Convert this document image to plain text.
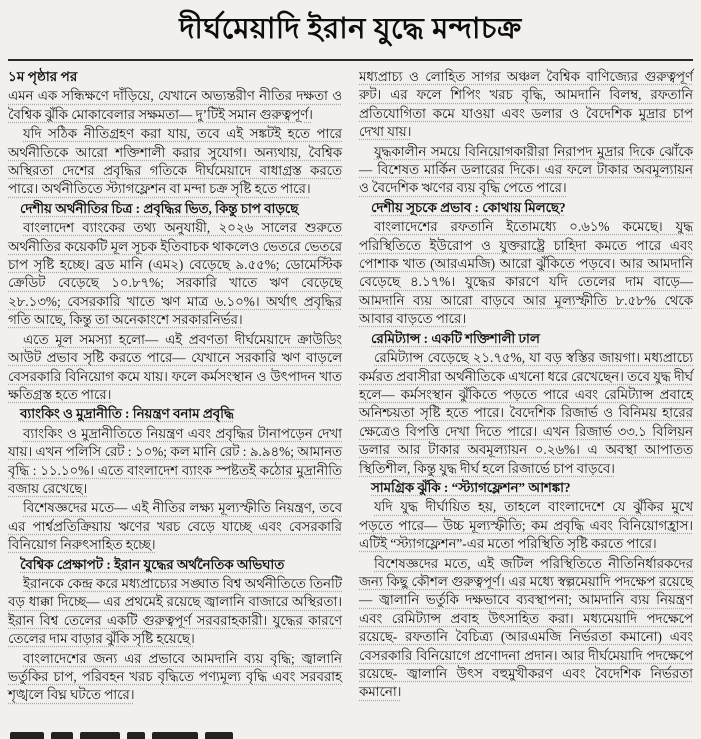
দীর্ঘমেয়াদি ইরান যুদ্ধে মন্দাচক্র
১ম পৃষ্ঠার পর
এমন এক সন্ধিক্ষণে দাঁড়িয়ে, যেখানে অভ্যন্তরীণ নীতির দক্ষতা ও বৈশ্বিক ঝুঁকি মোকাবেলার সক্ষমতা— দু’টিই সমান গুরুত্বপূর্ণ।
যদি সঠিক নীতিগ্রহণ করা যায়, তবে এই সঙ্কটই হতে পারে অর্থনীতিকে আরো শক্তিশালী করার সুযোগ। অন্যথায়, বৈশ্বিক অস্থিরতা দেশের প্রবৃদ্ধির গতিকে দীর্ঘমেয়াদে বাধাগ্রস্ত করতে পারে। অর্থনীতিতে স্ট্যাগফ্লেশন বা মন্দা চক্র সৃষ্টি হতে পারে।
দেশীয় অর্থনীতির চিত্র : প্রবৃদ্ধির ভিত, কিন্তু চাপ বাড়ছে
বাংলাদেশ ব্যাংকের তথ্য অনুযায়ী, ২০২৬ সালের শুরুতে অর্থনীতির কয়েকটি মূল সূচক ইতিবাচক থাকলেও ভেতরে ভেতরে চাপ সৃষ্টি হচ্ছে। ব্রড মানি (এম২) বেড়েছে ৯.৫৫%; ডোমেস্টিক ক্রেডিট বেড়েছে ১০.৮৭%; সরকারি খাতে ঋণ বেড়েছে ২৮.১৩%; বেসরকারি খাতে ঋণ মাত্র ৬.১০%। অর্থাৎ প্রবৃদ্ধির গতি আছে, কিন্তু তা অনেকাংশে সরকারনির্ভর।
এতে মূল সমস্যা হলো— এই প্রবণতা দীর্ঘমেয়াদে ক্রাউডিং আউট প্রভাব সৃষ্টি করতে পারে— যেখানে সরকারি ঋণ বাড়লে বেসরকারি বিনিয়োগ কমে যায়। ফলে কর্মসংস্থান ও উৎপাদন খাত ক্ষতিগ্রস্ত হতে পারে।
ব্যাংকিং ও মুদ্রানীতি : নিয়ন্ত্রণ বনাম প্রবৃদ্ধি
ব্যাংকিং ও মুদ্রানীতিতে নিয়ন্ত্রণ এবং প্রবৃদ্ধির টানাপড়েন দেখা যায়। এখন পলিসি রেট : ১০%; কল মানি রেট : ৯.৯৪%; আমানত বৃদ্ধি : ১১.১০%। এতে বাংলাদেশ ব্যাংক স্পষ্টতই কঠোর মুদ্রানীতি বজায় রেখেছে।
বিশেষজ্ঞদের মতে— এই নীতির লক্ষ্য মূল্যস্ফীতি নিয়ন্ত্রণ, তবে এর পার্শ্বপ্রতিক্রিয়ায় ঋণের খরচ বেড়ে যাচ্ছে এবং বেসরকারি বিনিয়োগ নিরুৎসাহিত হচ্ছে।
বৈশ্বিক প্রেক্ষাপট : ইরান যুদ্ধের অর্থনৈতিক অভিঘাত
ইরানকে কেন্দ্র করে মধ্যপ্রাচ্যের সঙ্ঘাত বিশ্ব অর্থনীতিতে তিনটি বড় ধাক্কা দিচ্ছে— এর প্রথমেই রয়েছে জ্বালানি বাজারে অস্থিরতা। ইরান বিশ্ব তেলের একটি গুরুত্বপূর্ণ সরবরাহকারী। যুদ্ধের কারণে তেলের দাম বাড়ার ঝুঁকি সৃষ্টি হয়েছে।
বাংলাদেশের জন্য এর প্রভাবে আমদানি ব্যয় বৃদ্ধি; জ্বালানি ভর্তুকির চাপ, পরিবহন খরচ বৃদ্ধিতে পণ্যমূল্য বৃদ্ধি এবং সরবরাহ শৃঙ্খলে বিঘ্ন ঘটতে পারে।
মধ্যপ্রাচ্য ও লোহিত সাগর অঞ্চল বৈশ্বিক বাণিজ্যের গুরুত্বপূর্ণ রুট। এর ফলে শিপিং খরচ বৃদ্ধি, আমদানি বিলম্ব, রফতানি প্রতিযোগিতা কমে যাওয়া এবং ডলার ও বৈদেশিক মুদ্রার চাপ দেখা যায়।
যুদ্ধকালীন সময়ে বিনিয়োগকারীরা নিরাপদ মুদ্রার দিকে ঝোঁকে— বিশেষত মার্কিন ডলারের দিকে। এর ফলে টাকার অবমূল্যায়ন ও বৈদেশিক ঋণের ব্যয় বৃদ্ধি পেতে পারে।
দেশীয় সূচকে প্রভাব : কোথায় মিলছে?
বাংলাদেশের রফতানি ইতোমধ্যে ০.৬১% কমেছে। যুদ্ধ পরিস্থিতিতে ইউরোপ ও যুক্তরাষ্ট্রে চাহিদা কমতে পারে এবং পোশাক খাত (আরএমজি) আরো ঝুঁকিতে পড়বে। আর আমদানি বেড়েছে ৪.১৭%। যুদ্ধের কারণে যদি তেলের দাম বাড়ে— আমদানি ব্যয় আরো বাড়বে আর মূল্যস্ফীতি ৮.৫৮% থেকে আবার বাড়তে পারে।
রেমিট্যান্স : একটি শক্তিশালী ঢাল
রেমিট্যান্স বেড়েছে ২১.৭৫%, যা বড় স্বস্তির জায়গা। মধ্যপ্রাচ্যে কর্মরত প্রবাসীরা অর্থনীতিকে এখনো ধরে রেখেছেন। তবে যুদ্ধ দীর্ঘ হলে— কর্মসংস্থান ঝুঁকিতে পড়তে পারে এবং রেমিট্যান্স প্রবাহে অনিশ্চয়তা সৃষ্টি হতে পারে। বৈদেশিক রিজার্ভ ও বিনিময় হারের ক্ষেত্রেও বিপত্তি দেখা দিতে পারে। এখন রিজার্ভ ৩৩.১ বিলিয়ন ডলার আর টাকার অবমূল্যায়ন ০.২৬%। এ অবস্থা আপাতত স্থিতিশীল, কিন্তু যুদ্ধ দীর্ঘ হলে রিজার্ভে চাপ বাড়বে।
সামগ্রিক ঝুঁকি : “স্ট্যাগফ্লেশন” আশঙ্কা?
যদি যুদ্ধ দীর্ঘায়িত হয়, তাহলে বাংলাদেশে যে ঝুঁকির মুখে পড়তে পারে— উচ্চ মূল্যস্ফীতি; কম প্রবৃদ্ধি এবং বিনিয়োগহ্রাস। এটিই “স্ট্যাগফ্লেশন”-এর মতো পরিস্থিতি সৃষ্টি করতে পারে।
বিশেষজ্ঞদের মতে, এই জটিল পরিস্থিতিতে নীতিনির্ধারকদের জন্য কিছু কৌশল গুরুত্বপূর্ণ। এর মধ্যে স্বল্পমেয়াদি পদক্ষেপ রয়েছে— জ্বালানি ভর্তুকি দক্ষভাবে ব্যবস্থাপনা; আমদানি ব্যয় নিয়ন্ত্রণ এবং রেমিট্যান্স প্রবাহ উৎসাহিত করা। মধ্যমেয়াদি পদক্ষেপে রয়েছে- রফতানি বৈচিত্র্য (আরএমজি নির্ভরতা কমানো) এবং বেসরকারি বিনিয়োগে প্রণোদনা প্রদান। আর দীর্ঘমেয়াদি পদক্ষেপে রয়েছে- জ্বালানি উৎস বহুমুখীকরণ এবং বৈদেশিক নির্ভরতা কমানো।
